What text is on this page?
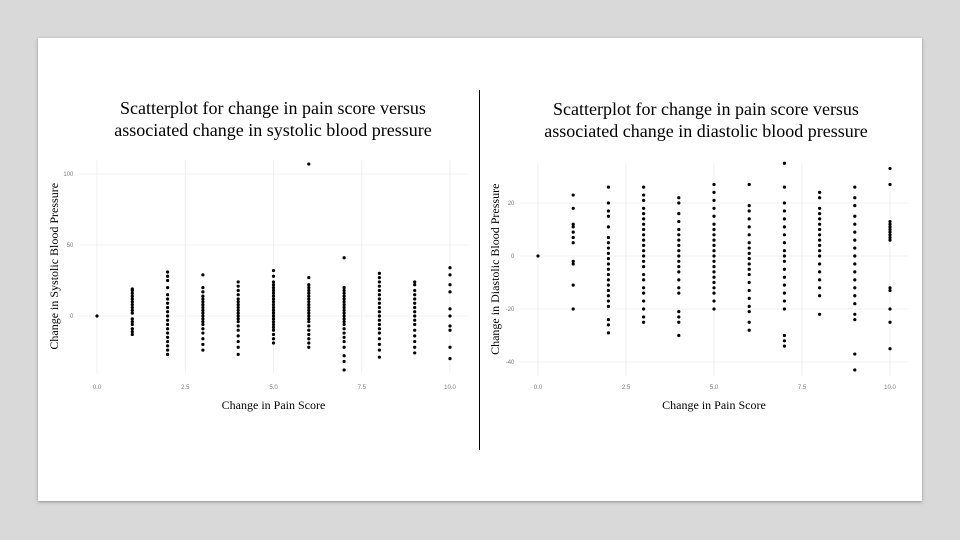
Scatterplot for change in pain score versus
associated change in systolic blood pressure
Scatterplot for change in pain score versus
associated change in diastolic blood pressure
0.0	2.5	5.0	7.5	10.0
0
50
100
Change in Pain Score
Change in Systolic Blood Pressure
0.0	2.5	5.0	7.5	10.0
-40
-20
0
20
Change in Pain Score
Change in Diastolic Blood Pressure
